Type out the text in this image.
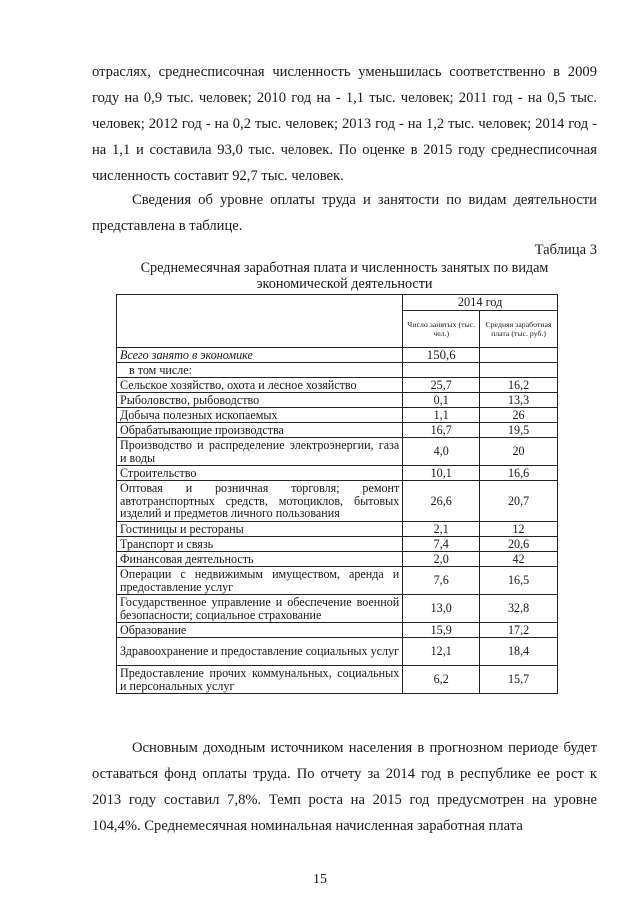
отраслях, среднесписочная численность уменьшилась соответственно в 2009 году на 0,9 тыс. человек; 2010 год на - 1,1 тыс. человек; 2011 год - на 0,5 тыс. человек; 2012 год - на 0,2 тыс. человек; 2013 год - на 1,2 тыс. человек; 2014 год - на 1,1 и составила 93,0 тыс. человек. По оценке в 2015 году среднесписочная численность составит 92,7 тыс. человек.

Сведения об уровне оплаты труда и занятости по видам деятельности представлена в таблице.

Таблица 3
Среднемесячная заработная плата и численность занятых по видам
экономической деятельности
	2014 год	
	Число занятых (тыс. чел.)	Средняя заработная плата (тыс. руб.)
Всего занято в экономике	150,6	
в том числе:		
Сельское хозяйство, охота и лесное хозяйство	25,7	16,2
Рыболовство, рыбоводство	0,1	13,3
Добыча полезных ископаемых	1,1	26
Обрабатывающие производства	16,7	19,5
Производство и распределение электроэнергии, газа и воды	4,0	20
Строительство	10,1	16,6
Оптовая и розничная торговля; ремонт автотранспортных средств, мотоциклов, бытовых изделий и предметов личного пользования	26,6	20,7
Гостиницы и рестораны	2,1	12
Транспорт и связь	7,4	20,6
Финансовая деятельность	2,0	42
Операции с недвижимым имуществом, аренда и предоставление услуг	7,6	16,5
Государственное управление и обеспечение военной безопасности; социальное страхование	13,0	32,8
Образование	15,9	17,2
Здравоохранение и предоставление социальных услуг	12,1	18,4
Предоставление прочих коммунальных, социальных и персональных услуг	6,2	15,7

Основным доходным источником населения в прогнозном периоде будет оставаться фонд оплаты труда. По отчету за 2014 год в республике ее рост к 2013 году составил 7,8%. Темп роста на 2015 год предусмотрен на уровне 104,4%. Среднемесячная номинальная начисленная заработная плата

15
